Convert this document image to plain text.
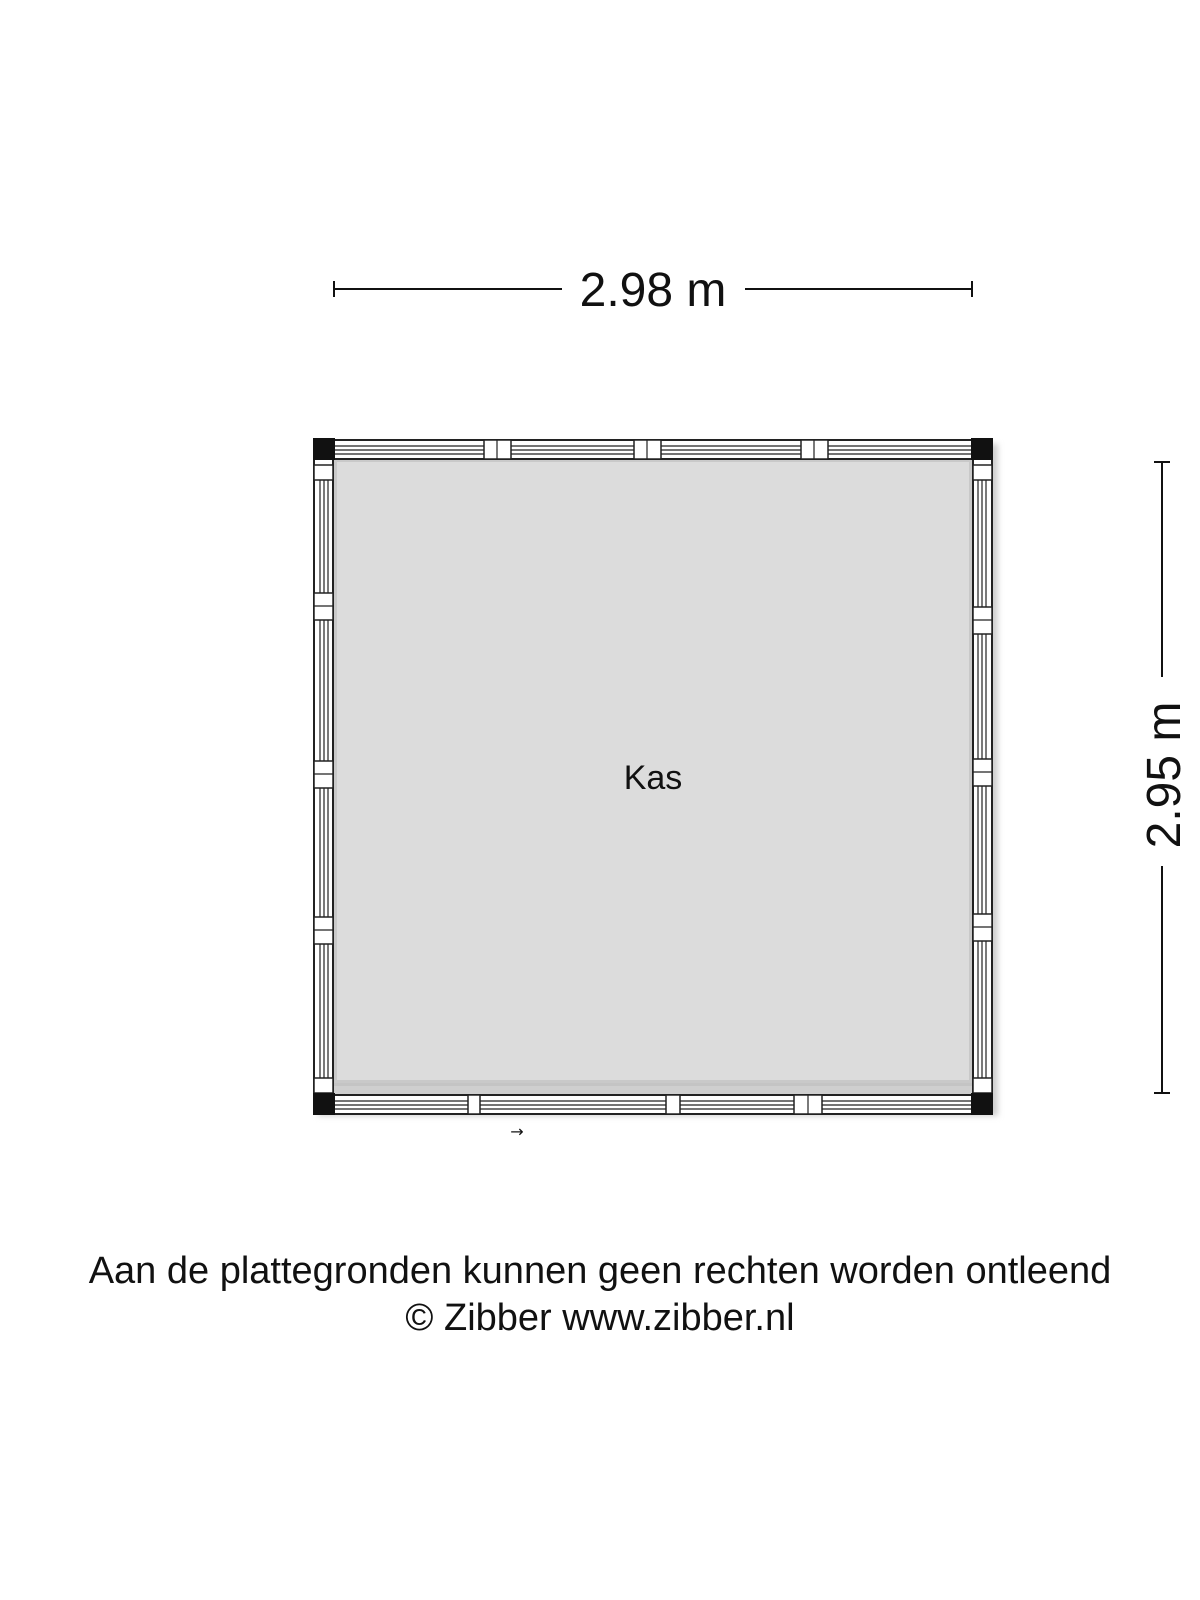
2.98 m
2.95 m
Kas
→
Aan de plattegronden kunnen geen rechten worden ontleend
© Zibber www.zibber.nl
